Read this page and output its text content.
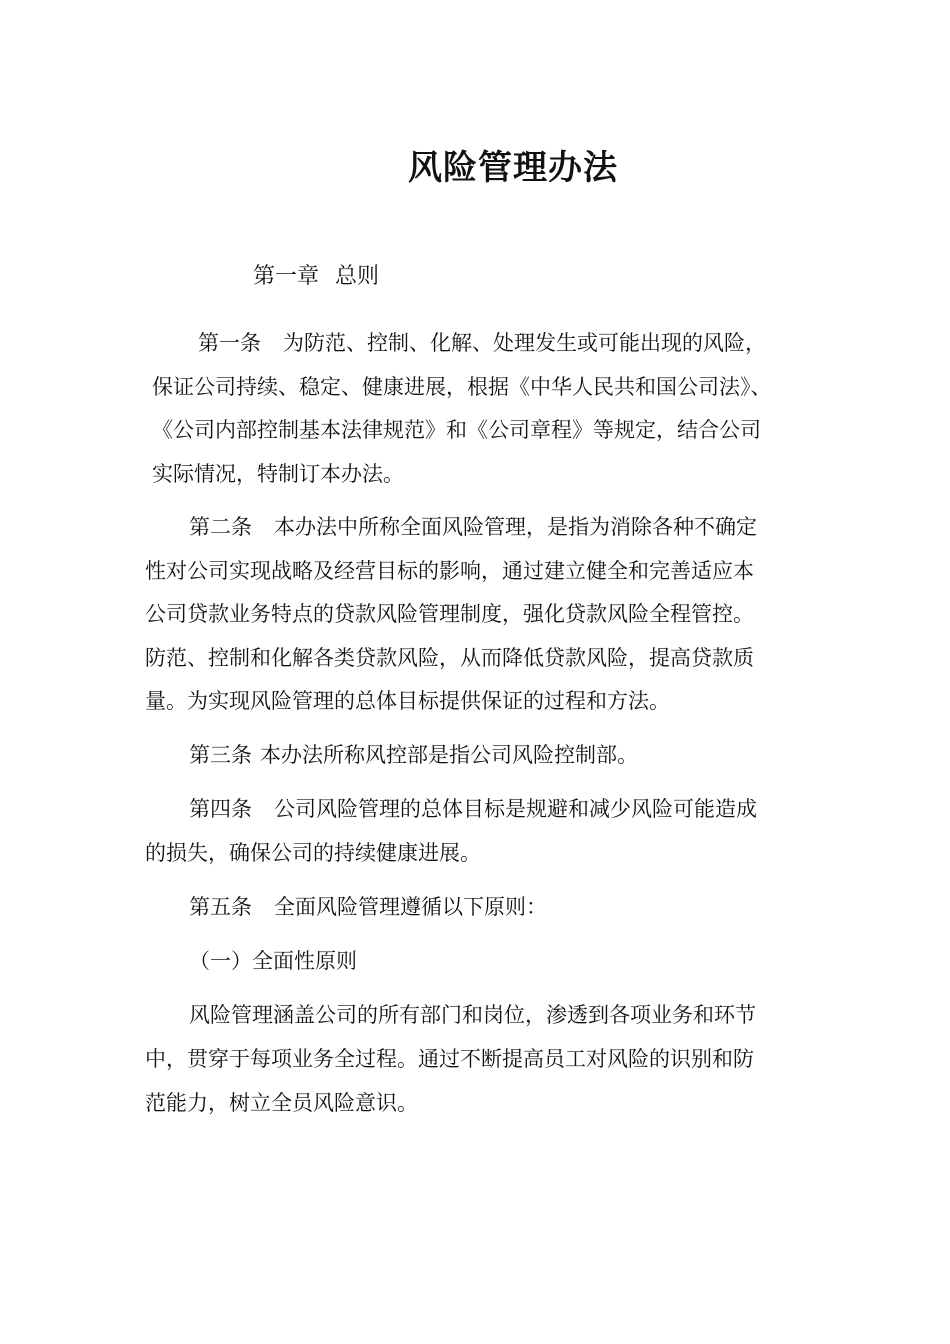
风险管理办法
第一章 总则
第一条 为防范、控制、化解、处理发生或可能出现的风险，
保证公司持续、稳定、健康进展，根据《中华人民共和国公司法》、
《公司内部控制基本法律规范》和《公司章程》等规定，结合公司
实际情况，特制订本办法。
第二条 本办法中所称全面风险管理，是指为消除各种不确定
性对公司实现战略及经营目标的影响，通过建立健全和完善适应本
公司贷款业务特点的贷款风险管理制度，强化贷款风险全程管控。
防范、控制和化解各类贷款风险，从而降低贷款风险，提高贷款质
量。为实现风险管理的总体目标提供保证的过程和方法。
第三条 本办法所称风控部是指公司风险控制部。
第四条 公司风险管理的总体目标是规避和减少风险可能造成
的损失，确保公司的持续健康进展。
第五条 全面风险管理遵循以下原则：
（一）全面性原则
风险管理涵盖公司的所有部门和岗位，渗透到各项业务和环节
中，贯穿于每项业务全过程。通过不断提高员工对风险的识别和防
范能力，树立全员风险意识。
